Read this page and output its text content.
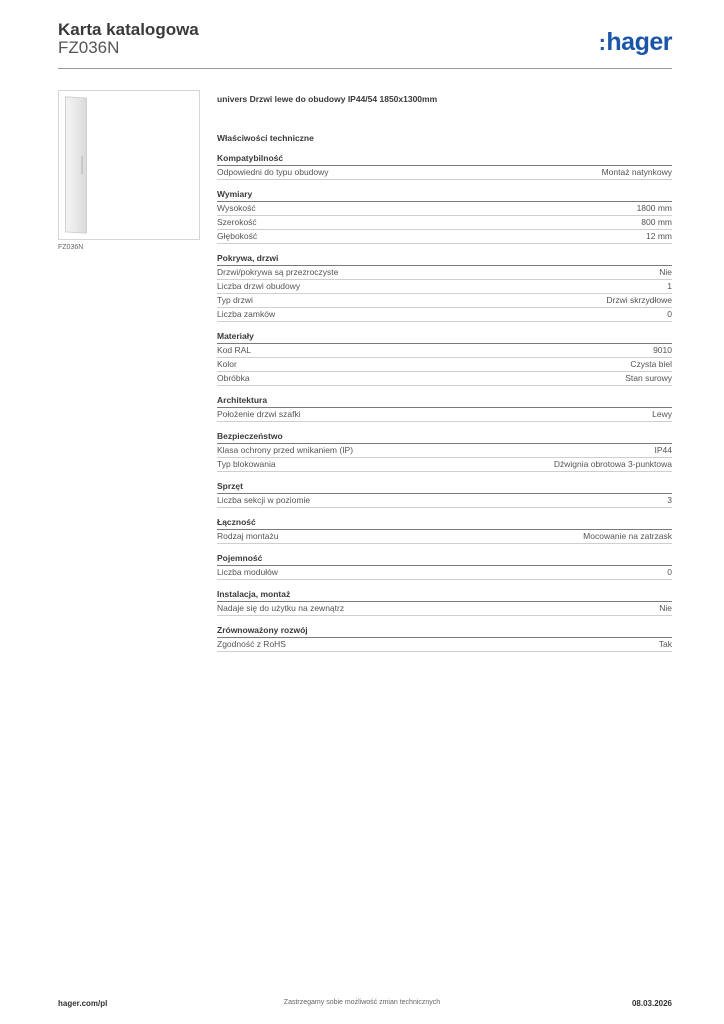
Karta katalogowa
FZ036N	:hager
FZ036N
univers Drzwi lewe do obudowy IP44/54 1850x1300mm
Właściwości techniczne
Kompatybilność
Odpowiedni do typu obudowy	Montaż natynkowy
Wymiary
Wysokość	1800 mm
Szerokość	800 mm
Głębokość	12 mm
Pokrywa, drzwi
Drzwi/pokrywa są przezroczyste	Nie
Liczba drzwi obudowy	1
Typ drzwi	Drzwi skrzydłowe
Liczba zamków	0
Materiały
Kod RAL	9010
Kolor	Czysta biel
Obróbka	Stan surowy
Architektura
Położenie drzwi szafki	Lewy
Bezpieczeństwo
Klasa ochrony przed wnikaniem (IP)	IP44
Typ blokowania	Dźwignia obrotowa 3-punktowa
Sprzęt
Liczba sekcji w poziomie	3
Łączność
Rodzaj montażu	Mocowanie na zatrzask
Pojemność
Liczba modułów	0
Instalacja, montaż
Nadaje się do użytku na zewnątrz	Nie
Zrównoważony rozwój
Zgodność z RoHS	Tak
hager.com/pl	Zastrzegamy sobie możliwość zmian technicznych	08.03.2026
